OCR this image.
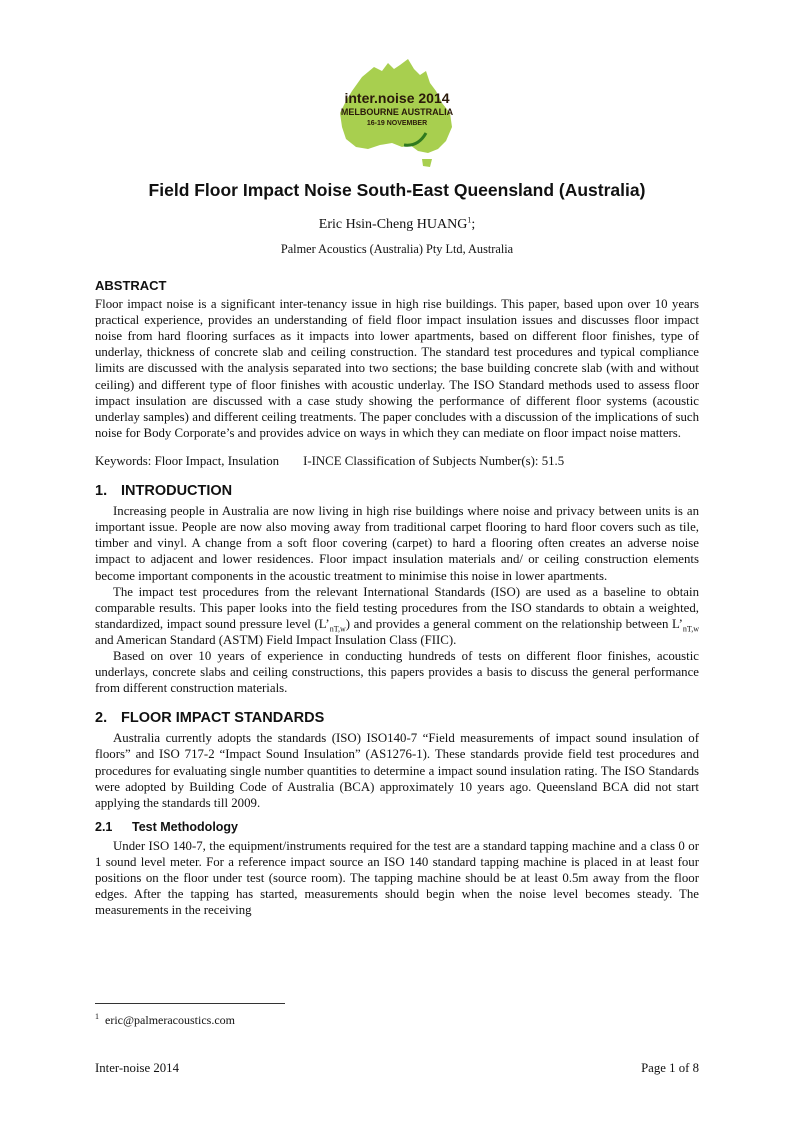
inter.noise 2014
MELBOURNE AUSTRALIA
16-19 NOVEMBER
Field Floor Impact Noise South-East Queensland (Australia)
Eric Hsin-Cheng HUANG$^1$;
Palmer Acoustics (Australia) Pty Ltd, Australia
ABSTRACT

Floor impact noise is a significant inter-tenancy issue in high rise buildings. This paper, based upon over 10 years practical experience, provides an understanding of field floor impact insulation issues and discusses floor impact noise from hard flooring surfaces as it impacts into lower apartments, based on different floor finishes, type of underlay, thickness of concrete slab and ceiling construction. The standard test procedures and typical compliance limits are discussed with the analysis separated into two sections; the base building concrete slab (with and without ceiling) and different type of floor finishes with acoustic underlay. The ISO Standard methods used to assess floor impact insulation are discussed with a case study showing the performance of different floor systems (acoustic underlay samples) and different ceiling treatments. The paper concludes with a discussion of the implications of such noise for Body Corporate’s and provides advice on ways in which they can mediate on floor impact noise matters.

Keywords: Floor Impact, Insulation I-INCE Classification of Subjects Number(s): 51.5

1. INTRODUCTION

Increasing people in Australia are now living in high rise buildings where noise and privacy between units is an important issue. People are now also moving away from traditional carpet flooring to hard floor covers such as tile, timber and vinyl. A change from a soft floor covering (carpet) to hard a flooring often creates an adverse noise impact to adjacent and lower residences. Floor impact insulation materials and/ or ceiling construction elements become important components in the acoustic treatment to minimise this noise in lower apartments.

The impact test procedures from the relevant International Standards (ISO) are used as a baseline to obtain comparable results. This paper looks into the field testing procedures from the ISO standards to obtain a weighted, standardized, impact sound pressure level $(L’_{nT,w})$ and provides a general comment on the relationship between $L’_{nT,w}$ and American Standard (ASTM) Field Impact Insulation Class (FIIC).

Based on over 10 years of experience in conducting hundreds of tests on different floor finishes, acoustic underlays, concrete slabs and ceiling constructions, this papers provides a basis to discuss the general performance from different construction materials.

2. FLOOR IMPACT STANDARDS

Australia currently adopts the standards (ISO) ISO140-7 “Field measurements of impact sound insulation of floors” and ISO 717-2 “Impact Sound Insulation” (AS1276-1). These standards provide field test procedures and procedures for evaluating single number quantities to determine a impact sound insulation rating. The ISO Standards were adopted by Building Code of Australia (BCA) approximately 10 years ago. Queensland BCA did not start applying the standards till 2009.

2.1 Test Methodology

Under ISO 140-7, the equipment/instruments required for the test are a standard tapping machine and a class 0 or 1 sound level meter. For a reference impact source an ISO 140 standard tapping machine is placed in at least four positions on the floor under test (source room). The tapping machine should be at least 0.5m away from the floor edges. After the tapping has started, measurements should begin when the noise level becomes steady. The measurements in the receiving

$^1$ eric@palmeracoustics.com
Inter-noise 2014	Page 1 of 8
